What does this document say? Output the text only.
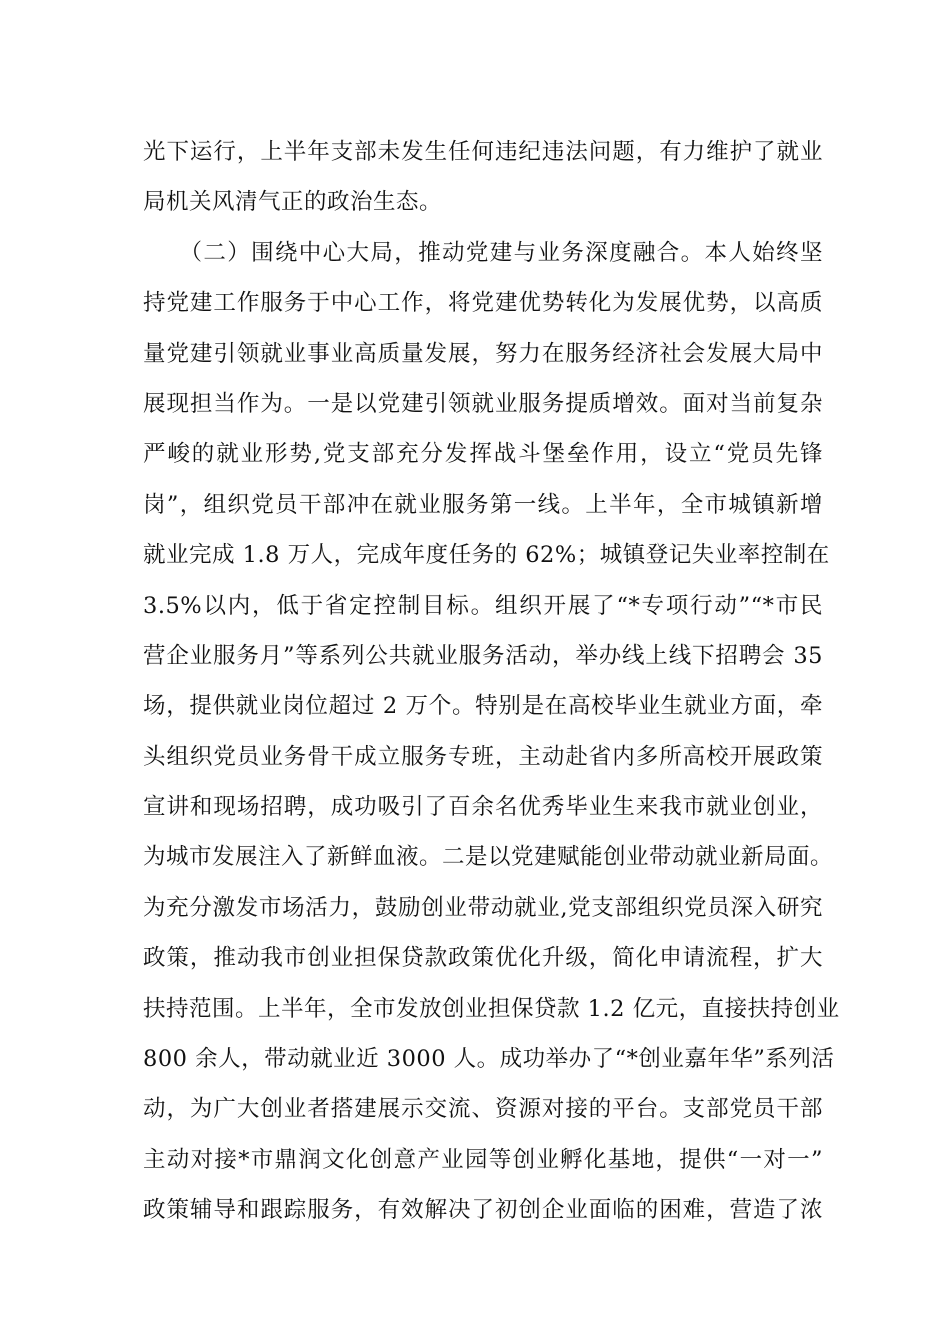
光下运行，上半年支部未发生任何违纪违法问题，有力维护了就业
局机关风清气正的政治生态。
　　（二）围绕中心大局，推动党建与业务深度融合。本人始终坚
持党建工作服务于中心工作，将党建优势转化为发展优势，以高质
量党建引领就业事业高质量发展，努力在服务经济社会发展大局中
展现担当作为。一是以党建引领就业服务提质增效。面对当前复杂
严峻的就业形势,党支部充分发挥战斗堡垒作用，设立“党员先锋
岗”，组织党员干部冲在就业服务第一线。上半年，全市城镇新增
就业完成 1.8 万人，完成年度任务的 62%；城镇登记失业率控制在
3.5%以内，低于省定控制目标。组织开展了“*专项行动”“*市民
营企业服务月”等系列公共就业服务活动，举办线上线下招聘会 35
场，提供就业岗位超过 2 万个。特别是在高校毕业生就业方面，牵
头组织党员业务骨干成立服务专班，主动赴省内多所高校开展政策
宣讲和现场招聘，成功吸引了百余名优秀毕业生来我市就业创业，
为城市发展注入了新鲜血液。二是以党建赋能创业带动就业新局面。
为充分激发市场活力，鼓励创业带动就业,党支部组织党员深入研究
政策，推动我市创业担保贷款政策优化升级，简化申请流程，扩大
扶持范围。上半年，全市发放创业担保贷款 1.2 亿元，直接扶持创业
800 余人，带动就业近 3000 人。成功举办了“*创业嘉年华”系列活
动，为广大创业者搭建展示交流、资源对接的平台。支部党员干部
主动对接*市鼎润文化创意产业园等创业孵化基地，提供“一对一”
政策辅导和跟踪服务，有效解决了初创企业面临的困难，营造了浓
